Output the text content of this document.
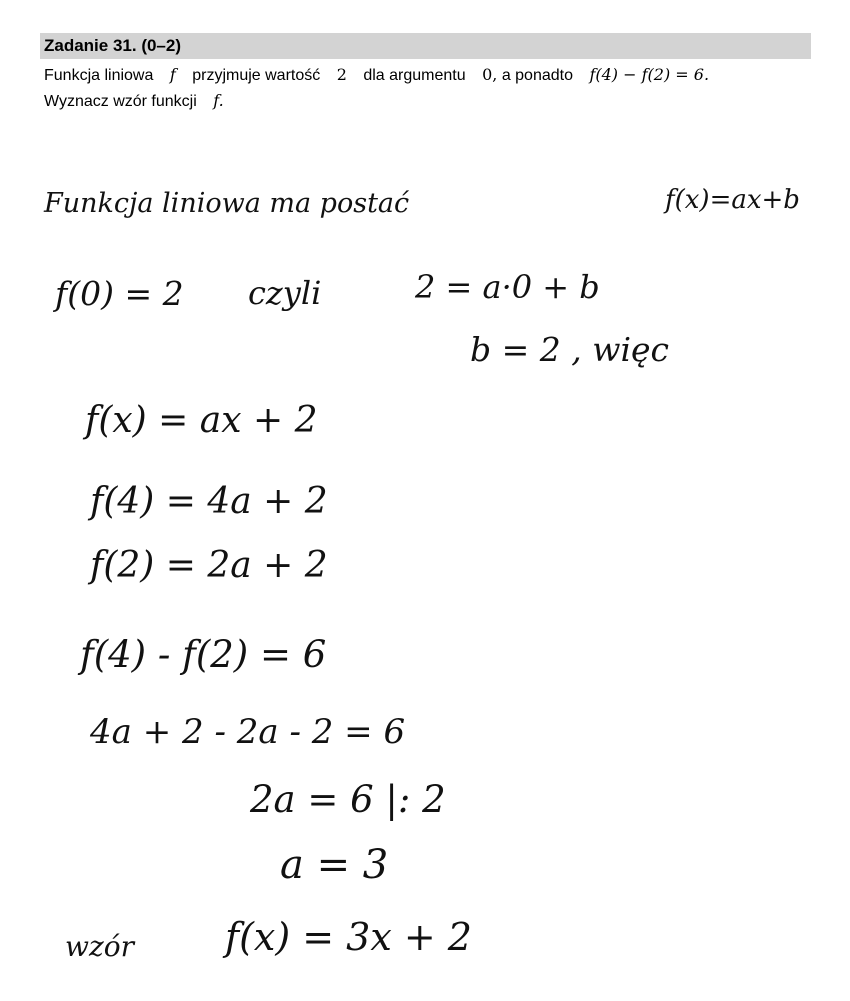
Zadanie 31. (0–2)
Funkcja liniowa f przyjmuje wartość 2 dla argumentu 0, a ponadto f(4) − f(2) = 6.
Wyznacz wzór funkcji f.
Funkcja liniowa ma postać	f(x)=ax+b
f(0) = 2 czyli	2 = a·0 + b
b = 2 , więc
f(x) = ax + 2
f(4) = 4a + 2
f(2) = 2a + 2
f(4) - f(2) = 6
4a + 2 - 2a - 2 = 6
2a = 6 |: 2
a = 3
wzór f(x) = 3x + 2
